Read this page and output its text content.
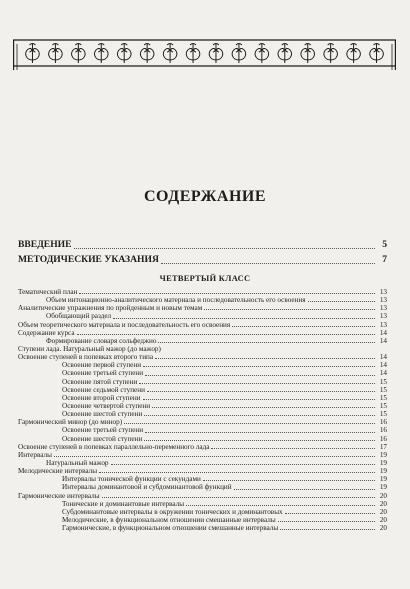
СОДЕРЖАНИЕ
ВВЕДЕНИЕ	5
МЕТОДИЧЕСКИЕ УКАЗАНИЯ	7
ЧЕТВЕРТЫЙ КЛАСС
Тематический план	13
Объем интонационно-аналитического материала и последовательность его освоения	13
Аналитические упражнения по пройденным и новым темам	13
Обобщающий раздел	13
Объем теоретического материала и последовательность его освоения	13
Содержание курса	14
Формирование словаря сольфеджио	14
Ступени лада. Натуральный мажор (до мажор)
Освоение ступеней в попевках второго типа	14
Освоение первой ступени	14
Освоение третьей ступени	14
Освоение пятой ступени	15
Освоение седьмой ступени	15
Освоение второй ступени	15
Освоение четвертой ступени	15
Освоение шестой ступени	15
Гармонический минор (до минор)	16
Освоение третьей ступени	16
Освоение шестой ступени	16
Освоение ступеней в попевках параллельно-переменного лада	17
Интервалы	19
Натуральный мажор	19
Мелодические интервалы	19
Интервалы тонической функции с секундами	19
Интервалы доминантовой и субдоминантовой функций	19
Гармонические интервалы	20
Тонические и доминантовые интервалы	20
Субдоминантовые интервалы в окружении тонических и доминантовых	20
Мелодические, в функциональном отношении смешанные интервалы	20
Гармонические, в функциональном отношении смешанные интервалы	20
